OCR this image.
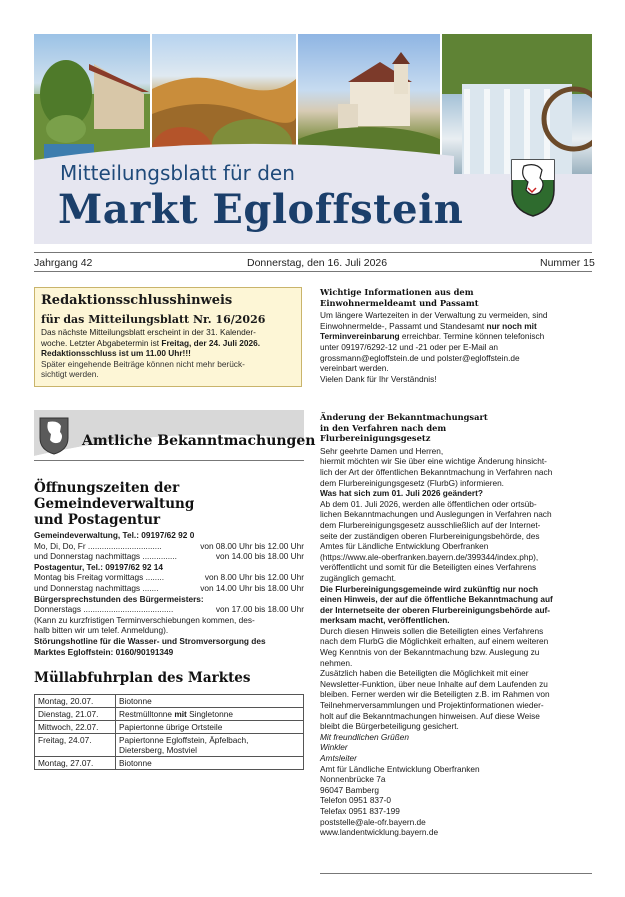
Mitteilungsblatt für den
Markt Egloffstein
Jahrgang 42	Donnerstag, den 16. Juli 2026	Nummer 15
Redaktionsschlusshinweis
für das Mitteilungsblatt Nr. 16/2026

Das nächste Mitteilungsblatt erscheint in der 31. Kalender-

woche. Letzter Abgabetermin ist Freitag, der 24. Juli 2026.

Redaktionsschluss ist um 11.00 Uhr!!!

Später eingehende Beiträge können nicht mehr berück-

sichtigt werden.

Amtliche Bekanntmachungen

Öffnungszeiten der Gemeindeverwaltung

und Postagentur

Gemeindeverwaltung, Tel.: 09197/62 92 0
Mo, Di, Do, Fr ................................	von 08.00 Uhr bis 12.00 Uhr
und Donnerstag nachmittags ...............	von 14.00 bis 18.00 Uhr
Postagentur, Tel.: 09197/62 92 14
Montag bis Freitag vormittags ........	von 8.00 Uhr bis 12.00 Uhr
und Donnerstag nachmittags .......	von 14.00 Uhr bis 18.00 Uhr
Bürgersprechstunden des Bürgermeisters:
Donnerstags .......................................	von 17.00 bis 18.00 Uhr
(Kann zu kurzfristigen Terminverschiebungen kommen, des-
halb bitten wir um telef. Anmeldung).
Störungshotline für die Wasser- und Stromversorgung des
Marktes Egloffstein: 0160/90191349

Müllabfuhrplan des Marktes

Montag, 20.07.	Biotonne
Dienstag, 21.07.	Restmülltonne mit Singletonne
Mittwoch, 22.07.	Papiertonne übrige Ortsteile
Freitag, 24.07.	Papiertonne Egloffstein, Äpfelbach,
Dietersberg, Mostviel

Montag, 27.07.	Biotonne

Wichtige Informationen aus dem

Einwohnermeldeamt und Passamt

Um längere Wartezeiten in der Verwaltung zu vermeiden, sind

Einwohnermelde-, Passamt und Standesamt nur noch mit

Terminvereinbarung erreichbar. Termine können telefonisch

unter 09197/6292-12 und -21 oder per E-Mail an

grossmann@egloffstein.de und polster@egloffstein.de

vereinbart werden.

Vielen Dank für Ihr Verständnis!

Änderung der Bekanntmachungsart

in den Verfahren nach dem

Flurbereinigungsgesetz

Sehr geehrte Damen und Herren,

hiermit möchten wir Sie über eine wichtige Änderung hinsicht-

lich der Art der öffentlichen Bekanntmachung in Verfahren nach

dem Flurbereinigungsgesetz (FlurbG) informieren.

Was hat sich zum 01. Juli 2026 geändert?

Ab dem 01. Juli 2026, werden alle öffentlichen oder ortsüb-

lichen Bekanntmachungen und Auslegungen in Verfahren nach

dem Flurbereinigungsgesetz ausschließlich auf der Internet-

seite der zuständigen oberen Flurbereinigungsbehörde, des

Amtes für Ländliche Entwicklung Oberfranken

(https://www.ale-oberfranken.bayern.de/399344/index.php),

veröffentlicht und somit für die Beteiligten eines Verfahrens

zugänglich gemacht.

Die Flurbereinigungsgemeinde wird zukünftig nur noch

einen Hinweis, der auf die öffentliche Bekanntmachung auf

der Internetseite der oberen Flurbereinigungsbehörde auf-

merksam macht, veröffentlichen.

Durch diesen Hinweis sollen die Beteiligten eines Verfahrens

nach dem FlurbG die Möglichkeit erhalten, auf einem weiteren

Weg Kenntnis von der Bekanntmachung bzw. Auslegung zu

nehmen.

Zusätzlich haben die Beteiligten die Möglichkeit mit einer

Newsletter-Funktion, über neue Inhalte auf dem Laufenden zu

bleiben. Ferner werden wir die Beteiligten z.B. im Rahmen von

Teilnehmerversammlungen und Projektinformationen wieder-

holt auf die Bekanntmachungen hinweisen. Auf diese Weise

bleibt die Bürgerbeteiligung gesichert.

Mit freundlichen Grüßen

Winkler

Amtsleiter

Amt für Ländliche Entwicklung Oberfranken

Nonnenbrücke 7a

96047 Bamberg

Telefon 0951 837-0

Telefax 0951 837-199

poststelle@ale-ofr.bayern.de

www.landentwicklung.bayern.de
